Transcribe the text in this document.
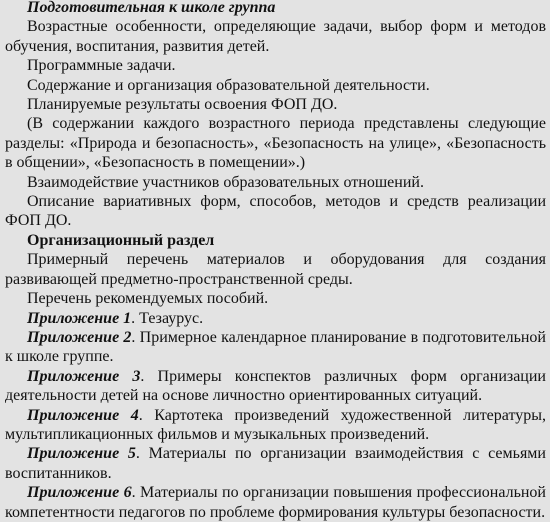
Подготовительная к школе группа

Возрастные особенности, определяющие задачи, выбор форм и методов обучения, воспитания, развития детей.

Программные задачи.

Содержание и организация образовательной деятельности.

Планируемые результаты освоения ФОП ДО.

(В содержании каждого возрастного периода представлены следующие разделы: «Природа и безопасность», «Безопасность на улице», «Безопасность в общении», «Безопасность в помещении».)

Взаимодействие участников образовательных отношений.

Описание вариативных форм, способов, методов и средств реализации ФОП ДО.

Организационный раздел

Примерный перечень материалов и оборудования для создания развивающей предметно-пространственной среды.

Перечень рекомендуемых пособий.

Приложение 1. Тезаурус.

Приложение 2. Примерное календарное планирование в подготовительной к школе группе.

Приложение 3. Примеры конспектов различных форм организации деятельности детей на основе личностно ориентированных ситуаций.

Приложение 4. Картотека произведений художественной литературы, мультипликационных фильмов и музыкальных произведений.

Приложение 5. Материалы по организации взаимодействия с семьями воспитанников.

Приложение 6. Материалы по организации повышения профессиональной компетентности педагогов по проблеме формирования культуры безопасности.
